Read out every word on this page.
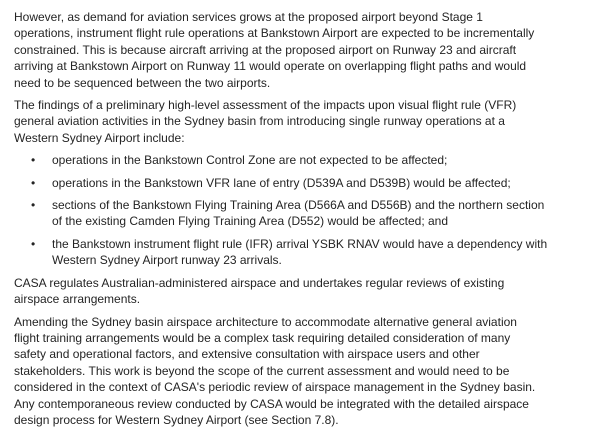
However, as demand for aviation services grows at the proposed airport beyond Stage 1
operations, instrument flight rule operations at Bankstown Airport are expected to be incrementally
constrained. This is because aircraft arriving at the proposed airport on Runway 23 and aircraft
arriving at Bankstown Airport on Runway 11 would operate on overlapping flight paths and would
need to be sequenced between the two airports.
The findings of a preliminary high-level assessment of the impacts upon visual flight rule (VFR)
general aviation activities in the Sydney basin from introducing single runway operations at a
Western Sydney Airport include:
•	operations in the Bankstown Control Zone are not expected to be affected;
•	operations in the Bankstown VFR lane of entry (D539A and D539B) would be affected;
•	sections of the Bankstown Flying Training Area (D566A and D556B) and the northern section
of the existing Camden Flying Training Area (D552) would be affected; and
•	the Bankstown instrument flight rule (IFR) arrival YSBK RNAV would have a dependency with
Western Sydney Airport runway 23 arrivals.
CASA regulates Australian-administered airspace and undertakes regular reviews of existing
airspace arrangements.
Amending the Sydney basin airspace architecture to accommodate alternative general aviation
flight training arrangements would be a complex task requiring detailed consideration of many
safety and operational factors, and extensive consultation with airspace users and other
stakeholders. This work is beyond the scope of the current assessment and would need to be
considered in the context of CASA's periodic review of airspace management in the Sydney basin.
Any contemporaneous review conducted by CASA would be integrated with the detailed airspace
design process for Western Sydney Airport (see Section 7.8).
